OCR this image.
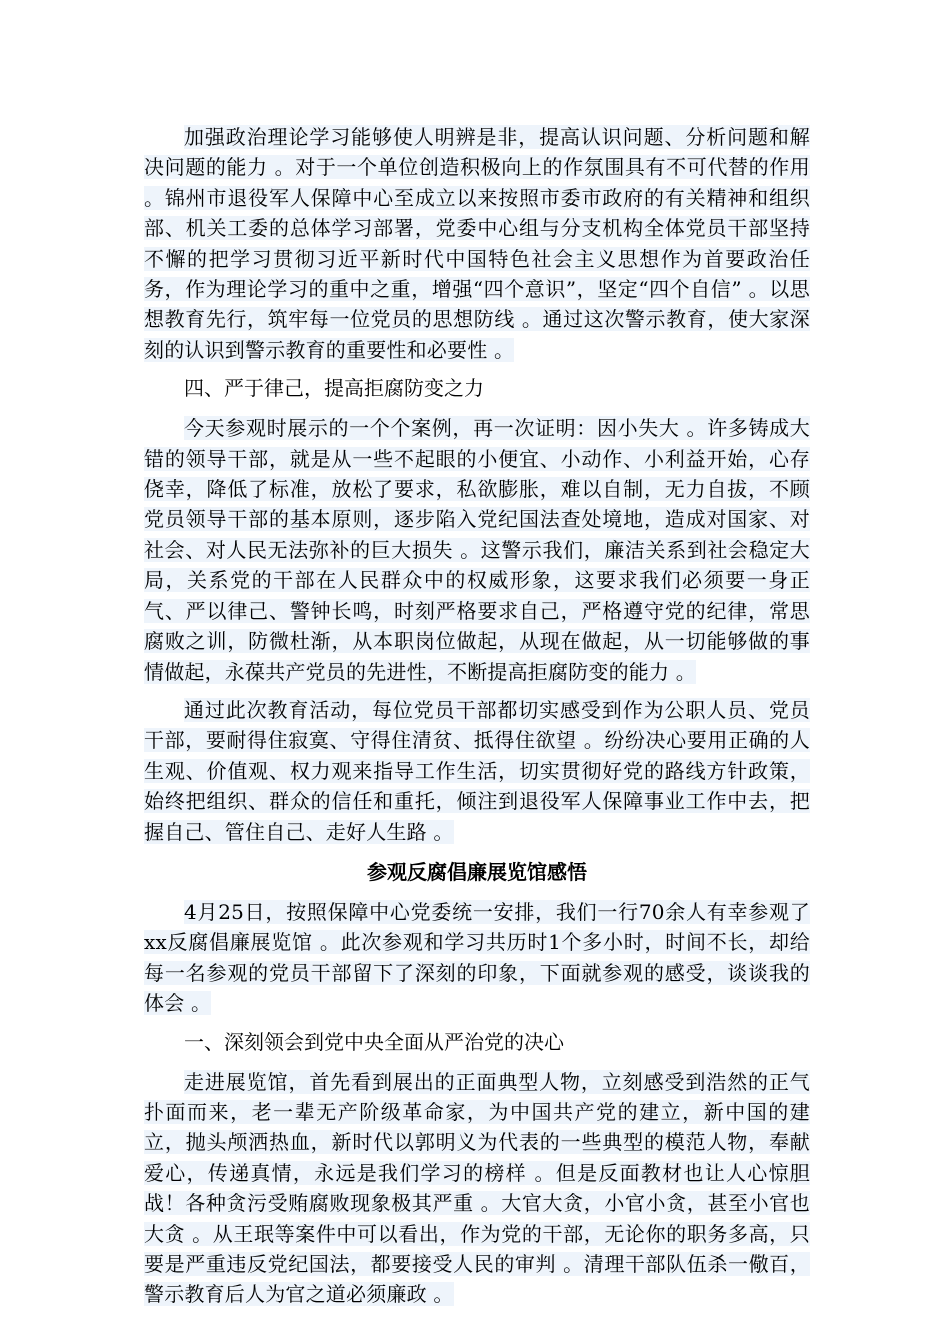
加强政治理论学习能够使人明辨是非，提高认识问题、分析问题和解决问题的能力 。对于一个单位创造积极向上的作氛围具有不可代替的作用 。锦州市退役军人保障中心至成立以来按照市委市政府的有关精神和组织部、机关工委的总体学习部署，党委中心组与分支机构全体党员干部坚持不懈的把学习贯彻习近平新时代中国特色社会主义思想作为首要政治任务，作为理论学习的重中之重，增强“四个意识”，坚定“四个自信” 。以思想教育先行，筑牢每一位党员的思想防线 。通过这次警示教育，使大家深刻的认识到警示教育的重要性和必要性 。

四、严于律己，提高拒腐防变之力

今天参观时展示的一个个案例，再一次证明：因小失大 。许多铸成大错的领导干部，就是从一些不起眼的小便宜、小动作、小利益开始，心存侥幸，降低了标准，放松了要求，私欲膨胀，难以自制，无力自拔，不顾党员领导干部的基本原则，逐步陷入党纪国法查处境地，造成对国家、对社会、对人民无法弥补的巨大损失 。这警示我们，廉洁关系到社会稳定大局，关系党的干部在人民群众中的权威形象，这要求我们必须要一身正气、严以律己、警钟长鸣，时刻严格要求自己，严格遵守党的纪律，常思腐败之训，防微杜渐，从本职岗位做起，从现在做起，从一切能够做的事情做起，永葆共产党员的先进性，不断提高拒腐防变的能力 。

通过此次教育活动，每位党员干部都切实感受到作为公职人员、党员干部，要耐得住寂寞、守得住清贫、抵得住欲望 。纷纷决心要用正确的人生观、价值观、权力观来指导工作生活，切实贯彻好党的路线方针政策，始终把组织、群众的信任和重托，倾注到退役军人保障事业工作中去，把握自己、管住自己、走好人生路 。

参观反腐倡廉展览馆感悟

4月25日，按照保障中心党委统一安排，我们一行70余人有幸参观了xx反腐倡廉展览馆 。此次参观和学习共历时1个多小时，时间不长，却给每一名参观的党员干部留下了深刻的印象，下面就参观的感受，谈谈我的体会 。

一、深刻领会到党中央全面从严治党的决心

走进展览馆，首先看到展出的正面典型人物，立刻感受到浩然的正气扑面而来，老一辈无产阶级革命家，为中国共产党的建立，新中国的建立，抛头颅洒热血，新时代以郭明义为代表的一些典型的模范人物，奉献爱心，传递真情，永远是我们学习的榜样 。但是反面教材也让人心惊胆战！各种贪污受贿腐败现象极其严重 。大官大贪，小官小贪，甚至小官也大贪 。从王珉等案件中可以看出，作为党的干部，无论你的职务多高，只要是严重违反党纪国法，都要接受人民的审判 。清理干部队伍杀一儆百，警示教育后人为官之道必须廉政 。
